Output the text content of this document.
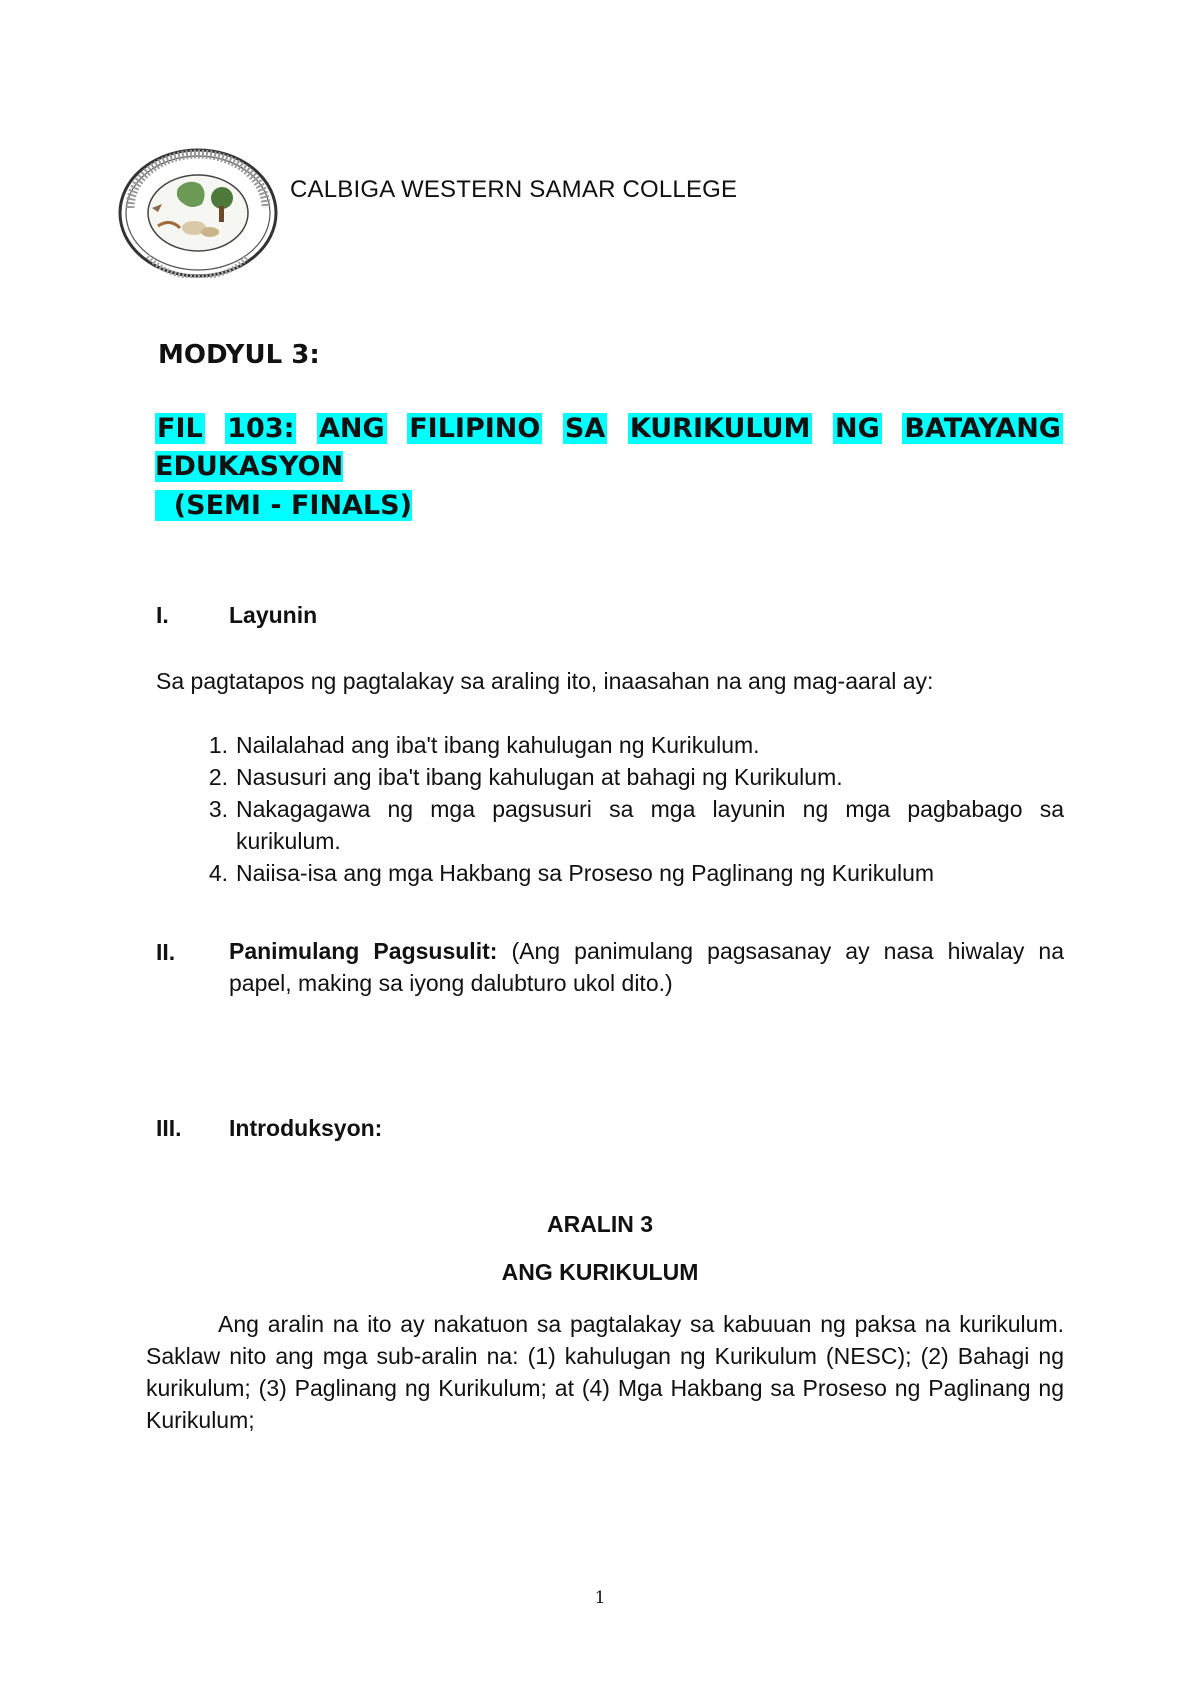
CALBIGA WESTERN SAMAR COLLEGE
MODYUL 3:
FIL 103: ANG FILIPINO SA KURIKULUM NG BATAYANG
EDUKASYON
(SEMI - FINALS)
I.	Layunin
Sa pagtatapos ng pagtalakay sa araling ito, inaasahan na ang mag-aaral ay:
1. Nailalahad ang iba't ibang kahulugan ng Kurikulum.
2. Nasusuri ang iba't ibang kahulugan at bahagi ng Kurikulum.
3. Nakagagawa ng mga pagsusuri sa mga layunin ng mga pagbabago sa kurikulum.
4. Naiisa-isa ang mga Hakbang sa Proseso ng Paglinang ng Kurikulum
II. Panimulang Pagsusulit: (Ang panimulang pagsasanay ay nasa hiwalay na papel, making sa iyong dalubturo ukol dito.)
III. Introduksyon:
ARALIN 3
ANG KURIKULUM
Ang aralin na ito ay nakatuon sa pagtalakay sa kabuuan ng paksa na kurikulum. Saklaw nito ang mga sub-aralin na: (1) kahulugan ng Kurikulum (NESC); (2) Bahagi ng kurikulum; (3) Paglinang ng Kurikulum; at (4) Mga Hakbang sa Proseso ng Paglinang ng Kurikulum;
1
